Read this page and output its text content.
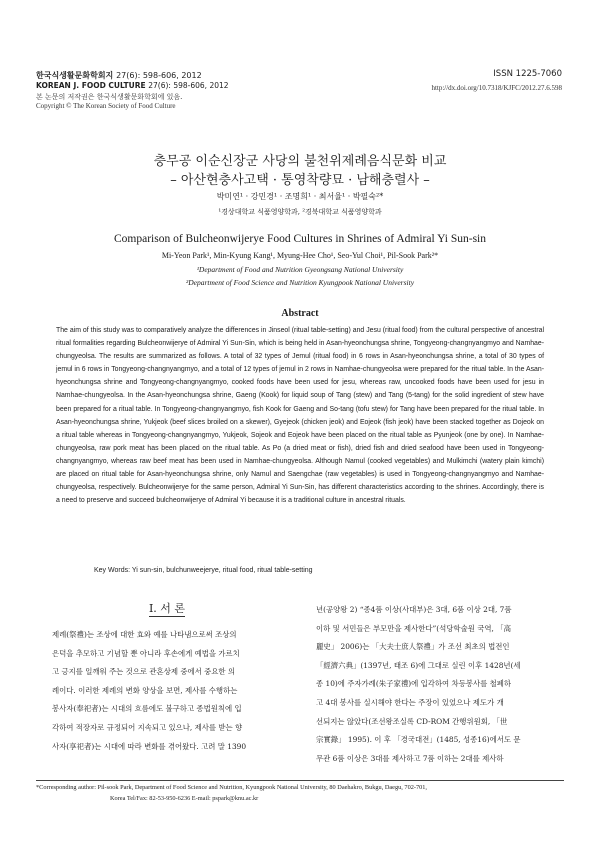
한국식생활문화학회지 27(6): 598-606, 2012
KOREAN J. FOOD CULTURE 27(6): 598-606, 2012
본 논문의 저작권은 한국식생활문화학회에 있음.
Copyright © The Korean Society of Food Culture
ISSN 1225-7060
http://dx.doi.org/10.7318/KJFC/2012.27.6.598
충무공 이순신장군 사당의 불천위제례음식문화 비교
– 아산현충사고택 · 통영착량묘 · 남해충렬사 –
박미연¹ · 강민경¹ · 조명희¹ · 최서율¹ · 박필숙²*
¹경상대학교 식품영양학과, ²경북대학교 식품영양학과
Comparison of Bulcheonwijerye Food Cultures in Shrines of Admiral Yi Sun-sin
Mi-Yeon Park¹, Min-Kyung Kang¹, Myung-Hee Cho¹, Seo-Yul Choi¹, Pil-Sook Park²*
¹Department of Food and Nutrition Gyeongsang National University
²Department of Food Science and Nutrition Kyungpook National University
Abstract
The aim of this study was to comparatively analyze the differences in Jinseol (ritual table-setting) and Jesu (ritual food) from the cultural perspective of ancestral ritual formalities regarding Bulcheonwijerye of Admiral Yi Sun-Sin, which is being held in Asan-hyeonchungsa shrine, Tongyeong-changnyangmyo and Namhae-chungyeolsa. The results are summarized as follows. A total of 32 types of Jemul (ritual food) in 6 rows in Asan-hyeonchungsa shrine, a total of 30 types of jemul in 6 rows in Tongyeong-changnyangmyo, and a total of 12 types of jemul in 2 rows in Namhae-chungyeolsa were prepared for the ritual table. In the Asan-hyeonchungsa shrine and Tongyeong-changnyangmyo, cooked foods have been used for jesu, whereas raw, uncooked foods have been used for jesu in Namhae-chungyeolsa. In the Asan-hyeonchungsa shrine, Gaeng (Kook) for liquid soup of Tang (stew) and Tang (5-tang) for the solid ingredient of stew have been prepared for a ritual table. In Tongyeong-changnyangmyo, fish Kook for Gaeng and So-tang (tofu stew) for Tang have been prepared for the ritual table. In Asan-hyeonchungsa shrine, Yukjeok (beef slices broiled on a skewer), Gyejeok (chicken jeok) and Eojeok (fish jeok) have been stacked together as Dojeok on a ritual table whereas in Tongyeong-changnyangmyo, Yukjeok, Sojeok and Eojeok have been placed on the ritual table as Pyunjeok (one by one). In Namhae- chungyeolsa, raw pork meat has been placed on the ritual table. As Po (a dried meat or fish), dried fish and dried seafood have been used in Tongyeong-changnyangmyo, whereas raw beef meat has been used in Namhae-chungyeolsa. Although Namul (cooked vegetables) and Mulkimchi (watery plain kimchi) are placed on ritual table for Asan-hyeonchungsa shrine, only Namul and Saengchae (raw vegetables) is used in Tongyeong-changnyangmyo and Namhae-chungyeolsa, respectively. Bulcheonwijerye for the same person, Admiral Yi Sun-Sin, has different characteristics according to the shrines. Accordingly, there is a need to preserve and succeed bulcheonwijerye of Admiral Yi because it is a traditional culture in ancestral rituals.
Key Words: Yi sun-sin, bulchunweejerye, ritual food, ritual table-setting
Ⅰ. 서 론
제례(祭禮)는 조상에 대한 효와 예를 나타냄으로써 조상의
은덕을 추모하고 기념할 뿐 아니라 후손에게 예법을 가르치
고 긍지를 일깨워 주는 것으로 관혼상제 중에서 중요한 의
례이다. 이러한 제례의 변화 양상을 보면, 제사를 수행하는
봉사자(奉祀者)는 시대의 흐름에도 불구하고 종법원칙에 입
각하여 적장자로 규정되어 지속되고 있으나, 제사를 받는 향
사자(享祀者)는 시대에 따라 변화를 겪어왔다. 고려 말 1390
년(공양왕 2) “종4품 이상(사대부)은 3대, 6품 이상 2대, 7품
이하 및 서민들은 부모만을 제사한다”(석당학술원 국역, 「高
麗史」 2006)는 「大夫士庶人祭禮」가 조선 최초의 법전인
「經濟六典」(1397년, 태조 6)에 그대로 실린 이후 1428년(세
종 10)에 주자가례(朱子家禮)에 입각하여 차등봉사를 철폐하
고 4대 봉사를 실시해야 한다는 주장이 있었으나 제도가 개
선되지는 않았다(조선왕조실록 CD-ROM 간행위원회, 「世
宗實錄」 1995). 이 후 「경국대전」(1485, 성종16)에서도 문
무관 6품 이상은 3대를 제사하고 7품 이하는 2대를 제사하
*Corresponding author: Pil-sook Park, Department of Food Science and Nutrition, Kyungpook National University, 80 Daehakro, Bukgu, Daegu, 702-701,
Korea Tel/Fax: 82-53-950-6236 E-mail: pspark@knu.ac.kr
